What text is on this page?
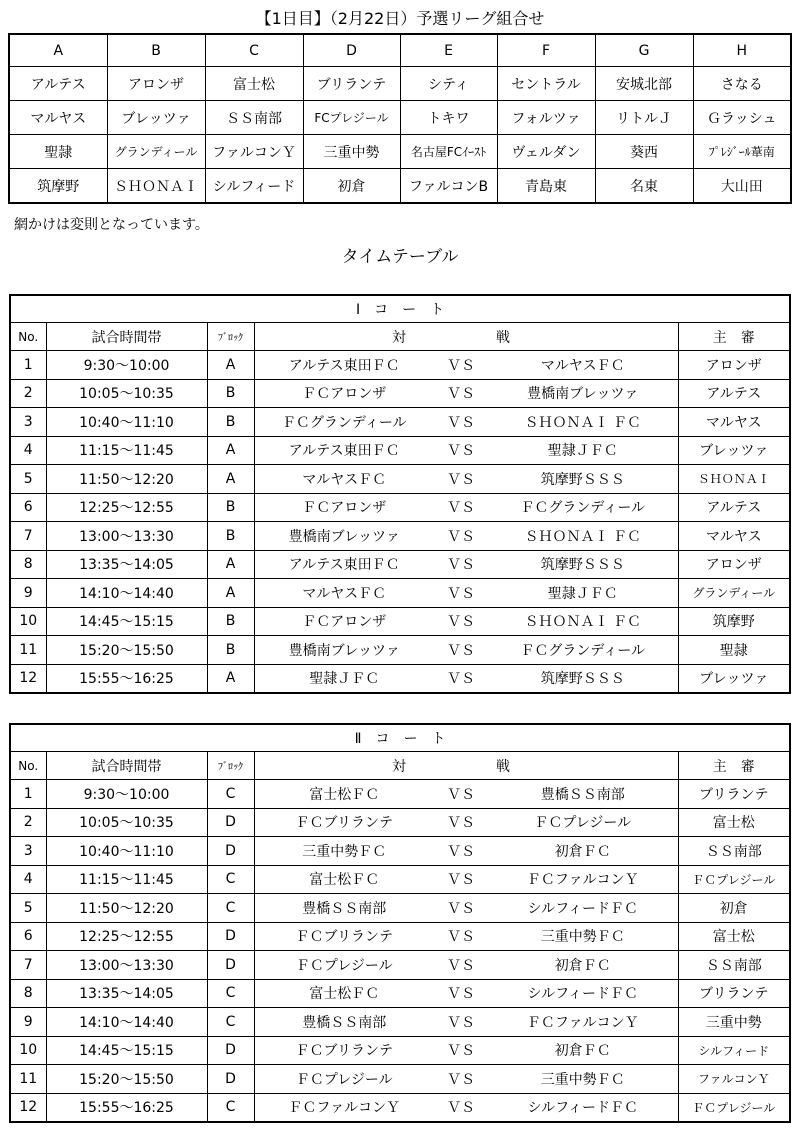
【1日目】（2月22日）予選リーグ組合せ
A	B	C	D	E	F	G	H
アルテス	アロンザ	富士松	ブリランテ	シティ	セントラル	安城北部	さなる
マルヤス	ブレッツァ	ＳＳ南部	FCプレジール	トキワ	フォルツァ	リトルＪ	Ｇラッシュ
聖隷	グランディール	ファルコンＹ	三重中勢	名古屋FCｲｰｽﾄ	ヴェルダン	葵西	ﾌﾟﾚｼﾞｰﾙ葦南
筑摩野	ＳＨＯＮＡＩ	シルフィード	初倉	ファルコンB	青島東	名東	大山田
網かけは変則となっています。
タイムテーブル
Ⅰ　コ　ー　ト						
No.	試合時間帯	ﾌﾞﾛｯｸ	対戦			主　審
1	9:30～10:00	A	アルテス東田ＦＣ	ＶＳ	マルヤスＦＣ	アロンザ
2	10:05～10:35	B	ＦＣアロンザ	ＶＳ	豊橋南ブレッツァ	アルテス
3	10:40～11:10	B	ＦＣグランディール	ＶＳ	ＳＨＯＮＡＩ ＦＣ	マルヤス
4	11:15～11:45	A	アルテス東田ＦＣ	ＶＳ	聖隷ＪＦＣ	ブレッツァ
5	11:50～12:20	A	マルヤスＦＣ	ＶＳ	筑摩野ＳＳＳ	ＳＨＯＮＡＩ
6	12:25～12:55	B	ＦＣアロンザ	ＶＳ	ＦＣグランディール	アルテス
7	13:00～13:30	B	豊橋南ブレッツァ	ＶＳ	ＳＨＯＮＡＩ ＦＣ	マルヤス
8	13:35～14:05	A	アルテス東田ＦＣ	ＶＳ	筑摩野ＳＳＳ	アロンザ
9	14:10～14:40	A	マルヤスＦＣ	ＶＳ	聖隷ＪＦＣ	グランディール
10	14:45～15:15	B	ＦＣアロンザ	ＶＳ	ＳＨＯＮＡＩ ＦＣ	筑摩野
11	15:20～15:50	B	豊橋南ブレッツァ	ＶＳ	ＦＣグランディール	聖隷
12	15:55～16:25	A	聖隷ＪＦＣ	ＶＳ	筑摩野ＳＳＳ	ブレッツァ
Ⅱ　コ　ー　ト						
No.	試合時間帯	ﾌﾞﾛｯｸ	対戦			主　審
1	9:30～10:00	C	富士松ＦＣ	ＶＳ	豊橋ＳＳ南部	ブリランテ
2	10:05～10:35	D	ＦＣブリランテ	ＶＳ	ＦＣプレジール	富士松
3	10:40～11:10	D	三重中勢ＦＣ	ＶＳ	初倉ＦＣ	ＳＳ南部
4	11:15～11:45	C	富士松ＦＣ	ＶＳ	ＦＣファルコンＹ	ＦＣプレジール
5	11:50～12:20	C	豊橋ＳＳ南部	ＶＳ	シルフィードＦＣ	初倉
6	12:25～12:55	D	ＦＣブリランテ	ＶＳ	三重中勢ＦＣ	富士松
7	13:00～13:30	D	ＦＣプレジール	ＶＳ	初倉ＦＣ	ＳＳ南部
8	13:35～14:05	C	富士松ＦＣ	ＶＳ	シルフィードＦＣ	ブリランテ
9	14:10～14:40	C	豊橋ＳＳ南部	ＶＳ	ＦＣファルコンＹ	三重中勢
10	14:45～15:15	D	ＦＣブリランテ	ＶＳ	初倉ＦＣ	シルフィード
11	15:20～15:50	D	ＦＣプレジール	ＶＳ	三重中勢ＦＣ	ファルコンＹ
12	15:55～16:25	C	ＦＣファルコンＹ	ＶＳ	シルフィードＦＣ	ＦＣプレジール
